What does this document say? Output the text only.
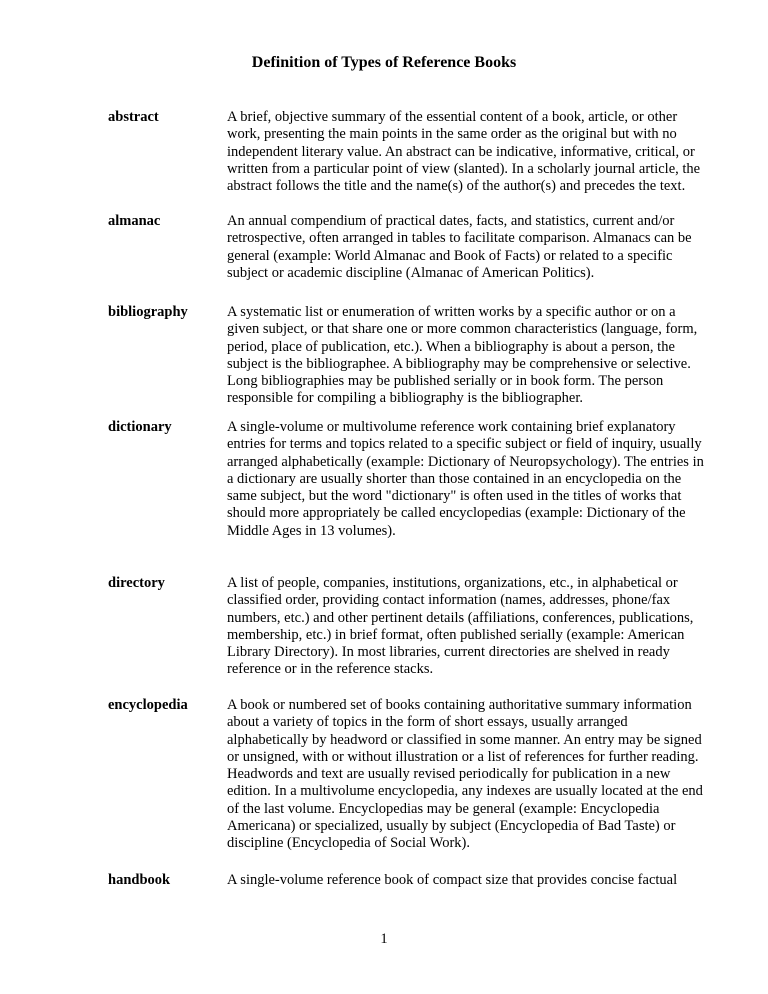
Definition of Types of Reference Books
abstract	A brief, objective summary of the essential content of a book, article, or other
work, presenting the main points in the same order as the original but with no
independent literary value. An abstract can be indicative, informative, critical, or
written from a particular point of view (slanted). In a scholarly journal article, the
abstract follows the title and the name(s) of the author(s) and precedes the text.
almanac	An annual compendium of practical dates, facts, and statistics, current and/or
retrospective, often arranged in tables to facilitate comparison. Almanacs can be
general (example: World Almanac and Book of Facts) or related to a specific
subject or academic discipline (Almanac of American Politics).
bibliography	A systematic list or enumeration of written works by a specific author or on a
given subject, or that share one or more common characteristics (language, form,
period, place of publication, etc.). When a bibliography is about a person, the
subject is the bibliographee. A bibliography may be comprehensive or selective.
Long bibliographies may be published serially or in book form. The person
responsible for compiling a bibliography is the bibliographer.
dictionary	A single-volume or multivolume reference work containing brief explanatory
entries for terms and topics related to a specific subject or field of inquiry, usually
arranged alphabetically (example: Dictionary of Neuropsychology). The entries in
a dictionary are usually shorter than those contained in an encyclopedia on the
same subject, but the word "dictionary" is often used in the titles of works that
should more appropriately be called encyclopedias (example: Dictionary of the
Middle Ages in 13 volumes).
directory	A list of people, companies, institutions, organizations, etc., in alphabetical or
classified order, providing contact information (names, addresses, phone/fax
numbers, etc.) and other pertinent details (affiliations, conferences, publications,
membership, etc.) in brief format, often published serially (example: American
Library Directory). In most libraries, current directories are shelved in ready
reference or in the reference stacks.
encyclopedia	A book or numbered set of books containing authoritative summary information
about a variety of topics in the form of short essays, usually arranged
alphabetically by headword or classified in some manner. An entry may be signed
or unsigned, with or without illustration or a list of references for further reading.
Headwords and text are usually revised periodically for publication in a new
edition. In a multivolume encyclopedia, any indexes are usually located at the end
of the last volume. Encyclopedias may be general (example: Encyclopedia
Americana) or specialized, usually by subject (Encyclopedia of Bad Taste) or
discipline (Encyclopedia of Social Work).
handbook	A single-volume reference book of compact size that provides concise factual
1
